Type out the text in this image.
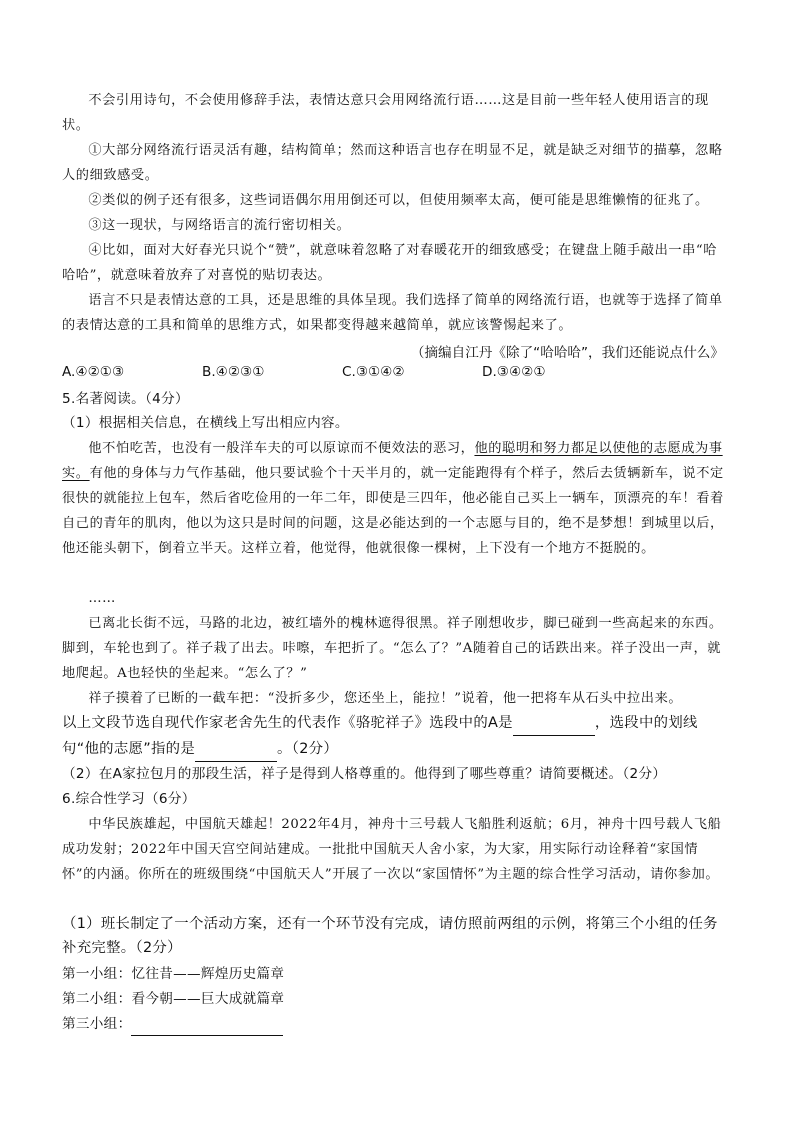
不会引用诗句，不会使用修辞手法，表情达意只会用网络流行语……这是目前一些年轻人使用语言的现状。

①大部分网络流行语灵活有趣，结构简单；然而这种语言也存在明显不足，就是缺乏对细节的描摹，忽略人的细致感受。

②类似的例子还有很多，这些词语偶尔用用倒还可以，但使用频率太高，便可能是思维懒惰的征兆了。

③这一现状，与网络语言的流行密切相关。

④比如，面对大好春光只说个“赞”，就意味着忽略了对春暖花开的细致感受；在键盘上随手敲出一串“哈哈哈”，就意味着放弃了对喜悦的贴切表达。

语言不只是表情达意的工具，还是思维的具体呈现。我们选择了简单的网络流行语，也就等于选择了简单的表情达意的工具和简单的思维方式，如果都变得越来越简单，就应该警惕起来了。

（摘编自江丹《除了“哈哈哈”，我们还能说点什么》
A.④②①③	B.④②③①	C.③①④②	D.③④②①

5.名著阅读。（4分）

（1）根据相关信息，在横线上写出相应内容。

他不怕吃苦，也没有一般洋车夫的可以原谅而不便效法的恶习，他的聪明和努力都足以使他的志愿成为事实。有他的身体与力气作基础，他只要试验个十天半月的，就一定能跑得有个样子，然后去赁辆新车，说不定很快的就能拉上包车，然后省吃俭用的一年二年，即使是三四年，他必能自己买上一辆车，顶漂亮的车！看着自己的青年的肌肉，他以为这只是时间的问题，这是必能达到的一个志愿与目的，绝不是梦想！到城里以后，他还能头朝下，倒着立半天。这样立着，他觉得，他就很像一棵树，上下没有一个地方不挺脱的。

……

已离北长街不远，马路的北边，被红墙外的槐林遮得很黑。祥子刚想收步，脚已碰到一些高起来的东西。脚到，车轮也到了。祥子栽了出去。咔嚓，车把折了。“怎么了？”A随着自己的话跌出来。祥子没出一声，就地爬起。A也轻快的坐起来。“怎么了？”

祥子摸着了已断的一截车把：“没折多少，您还坐上，能拉！”说着，他一把将车从石头中拉出来。

以上文段节选自现代作家老舍先生的代表作《骆驼祥子》选段中的A是	，选段中的划线句“他的志愿”指的是	。（2分）

（2）在A家拉包月的那段生活，祥子是得到人格尊重的。他得到了哪些尊重？请简要概述。（2分）

6.综合性学习（6分）

中华民族雄起，中国航天雄起！2022年4月，神舟十三号载人飞船胜利返航；6月，神舟十四号载人飞船成功发射；2022年中国天宫空间站建成。一批批中国航天人舍小家，为大家，用实际行动诠释着“家国情怀”的内涵。你所在的班级围绕“中国航天人”开展了一次以“家国情怀”为主题的综合性学习活动，请你参加。

（1）班长制定了一个活动方案，还有一个环节没有完成，请仿照前两组的示例，将第三个小组的任务补充完整。（2分）

第一小组：忆往昔——辉煌历史篇章

第二小组：看今朝——巨大成就篇章

第三小组：
